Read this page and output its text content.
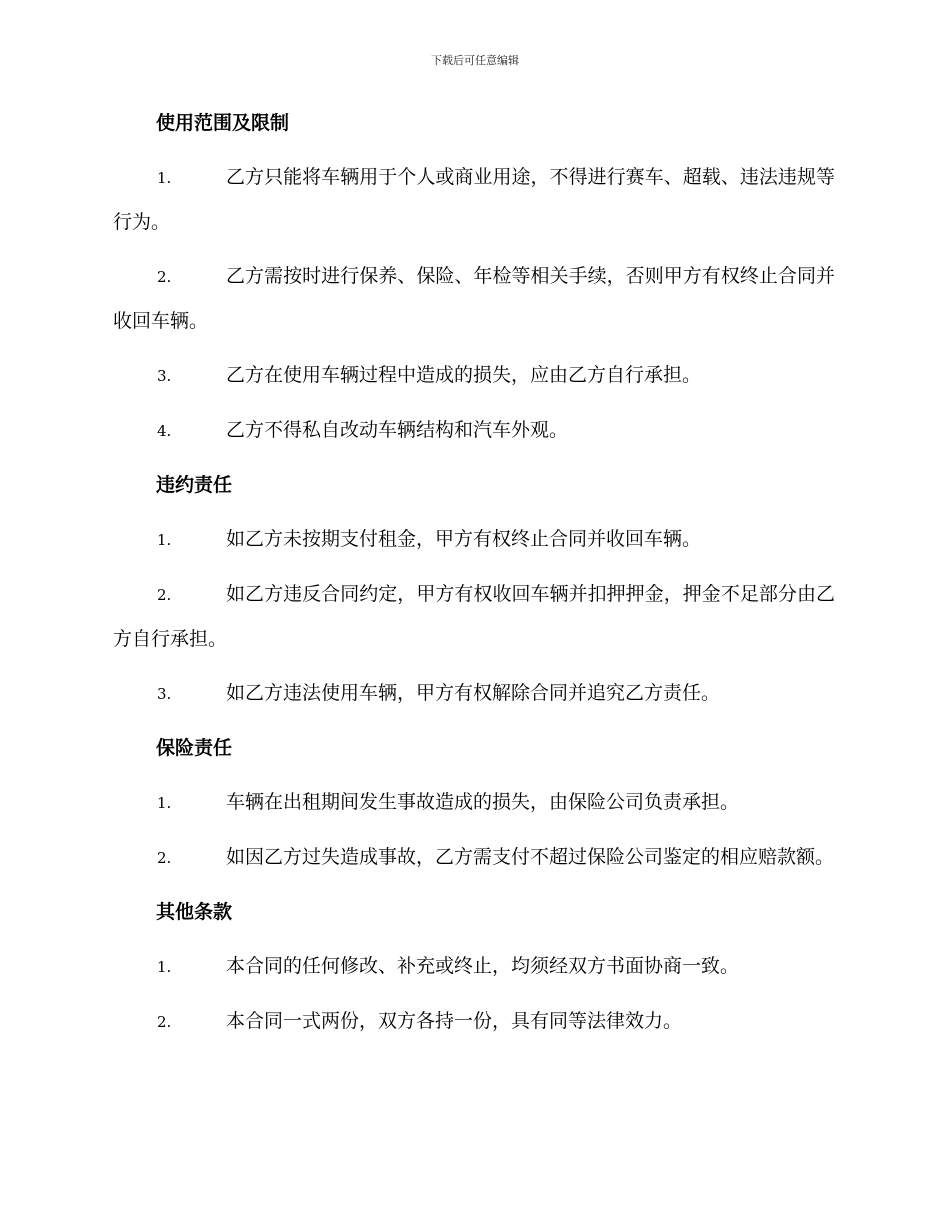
下载后可任意编辑
使用范围及限制
1.	乙方只能将车辆用于个人或商业用途，不得进行赛车、超载、违法违规等行为。
2.	乙方需按时进行保养、保险、年检等相关手续，否则甲方有权终止合同并收回车辆。
3.	乙方在使用车辆过程中造成的损失，应由乙方自行承担。
4.	乙方不得私自改动车辆结构和汽车外观。
违约责任
1.	如乙方未按期支付租金，甲方有权终止合同并收回车辆。
2.	如乙方违反合同约定，甲方有权收回车辆并扣押押金，押金不足部分由乙方自行承担。
3.	如乙方违法使用车辆，甲方有权解除合同并追究乙方责任。
保险责任
1.	车辆在出租期间发生事故造成的损失，由保险公司负责承担。
2.	如因乙方过失造成事故，乙方需支付不超过保险公司鉴定的相应赔款额。
其他条款
1.	本合同的任何修改、补充或终止，均须经双方书面协商一致。
2.	本合同一式两份，双方各持一份，具有同等法律效力。
